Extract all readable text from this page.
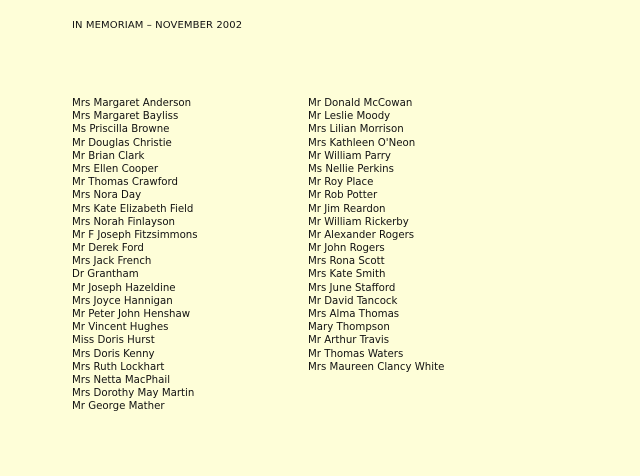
IN MEMORIAM – NOVEMBER 2002
Mrs Margaret Anderson
Mrs Margaret Bayliss
Ms Priscilla Browne
Mr Douglas Christie
Mr Brian Clark
Mrs Ellen Cooper
Mr Thomas Crawford
Mrs Nora Day
Mrs Kate Elizabeth Field
Mrs Norah Finlayson
Mr F Joseph Fitzsimmons
Mr Derek Ford
Mrs Jack French
Dr Grantham
Mr Joseph Hazeldine
Mrs Joyce Hannigan
Mr Peter John Henshaw
Mr Vincent Hughes
Miss Doris Hurst
Mrs Doris Kenny
Mrs Ruth Lockhart
Mrs Netta MacPhail
Mrs Dorothy May Martin
Mr George Mather
Mr Donald McCowan
Mr Leslie Moody
Mrs Lilian Morrison
Mrs Kathleen O'Neon
Mr William Parry
Ms Nellie Perkins
Mr Roy Place
Mr Rob Potter
Mr Jim Reardon
Mr William Rickerby
Mr Alexander Rogers
Mr John Rogers
Mrs Rona Scott
Mrs Kate Smith
Mrs June Stafford
Mr David Tancock
Mrs Alma Thomas
Mary Thompson
Mr Arthur Travis
Mr Thomas Waters
Mrs Maureen Clancy White
